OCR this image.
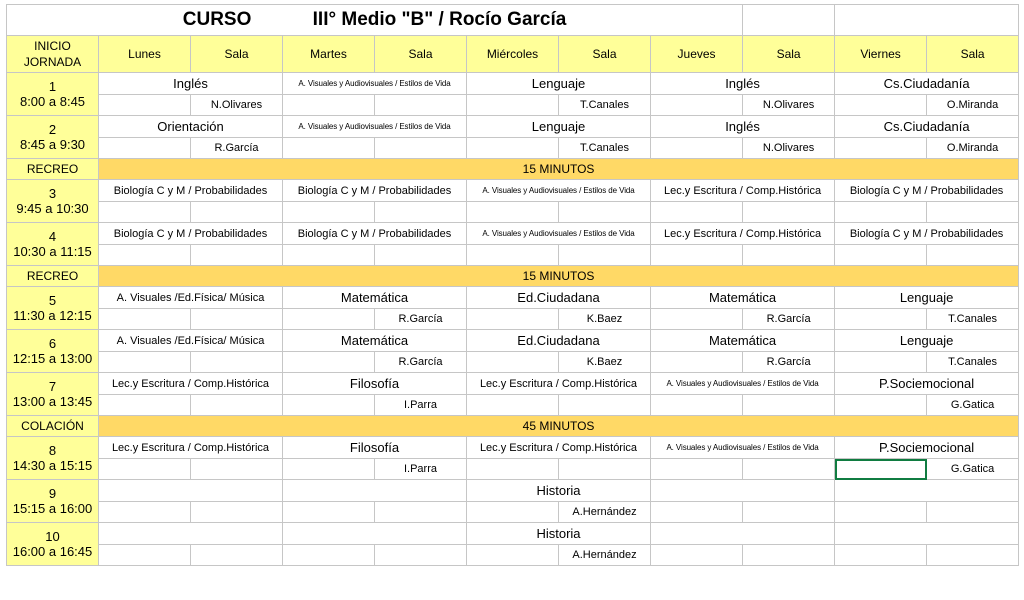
CURSO III° Medio "B" / Rocío García										
INICIO
JORNADA	Lunes	Sala	Martes	Sala	Miércoles	Sala	Jueves	Sala	Viernes	Sala
1
8:00 a 8:45	Inglés		A. Visuales y Audiovisuales / Estilos de Vida		Lenguaje		Inglés		Cs.Ciudadanía	
		N.Olivares				T.Canales		N.Olivares		O.Miranda
2
8:45 a 9:30	Orientación		A. Visuales y Audiovisuales / Estilos de Vida		Lenguaje		Inglés		Cs.Ciudadanía	
		R.García				T.Canales		N.Olivares		O.Miranda
RECREO	15 MINUTOS									
3
9:45 a 10:30	Biología C y M / Probabilidades		Biología C y M / Probabilidades		A. Visuales y Audiovisuales / Estilos de Vida		Lec.y Escritura / Comp.Histórica		Biología C y M / Probabilidades	

4
10:30 a 11:15	Biología C y M / Probabilidades		Biología C y M / Probabilidades		A. Visuales y Audiovisuales / Estilos de Vida		Lec.y Escritura / Comp.Histórica		Biología C y M / Probabilidades	

RECREO	15 MINUTOS									
5
11:30 a 12:15	A. Visuales /Ed.Física/ Música		Matemática		Ed.Ciudadana		Matemática		Lenguaje	
				R.García		K.Baez		R.García		T.Canales
6
12:15 a 13:00	A. Visuales /Ed.Física/ Música		Matemática		Ed.Ciudadana		Matemática		Lenguaje	
				R.García		K.Baez		R.García		T.Canales
7
13:00 a 13:45	Lec.y Escritura / Comp.Histórica		Filosofía		Lec.y Escritura / Comp.Histórica		A. Visuales y Audiovisuales / Estilos de Vida		P.Sociemocional	
				I.Parra						G.Gatica
COLACIÓN	45 MINUTOS									
8
14:30 a 15:15	Lec.y Escritura / Comp.Histórica		Filosofía		Lec.y Escritura / Comp.Histórica		A. Visuales y Audiovisuales / Estilos de Vida		P.Sociemocional	
				I.Parra						G.Gatica
9
15:15 a 16:00					Historia					
						A.Hernández				
10
16:00 a 16:45					Historia					
						A.Hernández				
